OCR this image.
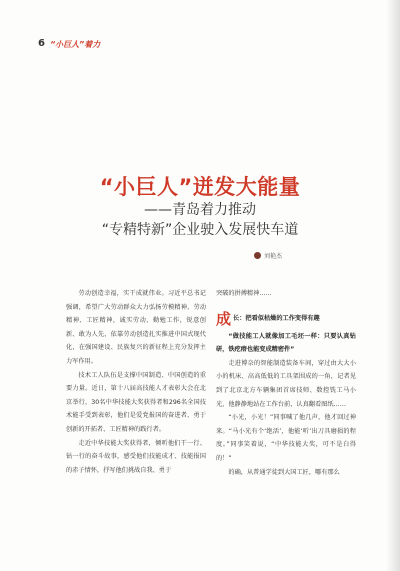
6 “小巨人”着力
“小巨人”迸发大能量
——青岛着力推动
“专精特新”企业驶入发展快车道
刘艳杰

劳动创造幸福，实干成就伟业。习近平总书记强调，希望广大劳动群众大力弘扬劳模精神、劳动精神、工匠精神，诚实劳动、勤勉工作，锐意创新、敢为人先，依靠劳动创造扎实推进中国式现代化，在强国建设、民族复兴的新征程上充分发挥主力军作用。

技术工人队伍是支撑中国制造、中国创造的重要力量。近日，第十八届高技能人才表彰大会在北京举行，30名中华技能大奖获得者和296名全国技术能手受到表彰，他们是爱党报国的奋进者、勇于创新的开拓者、工匠精神的践行者。

走近中华技能大奖获得者，倾听他们干一行、钻一行的奋斗故事，感受他们技能成才、技能报国的赤子情怀，抒写他们挑战自我、勇于

突破的拼搏精神……

成 长：把看似枯燥的工作变得有趣

“做技能工人就像加工毛坯一样：只要认真钻研，铁疙瘩也能变成精密件”

走进博奈的智能制造装备车间，穿过由大大小小的机床、高高低低的工具架围成的一角，记者见到了北京北方车辆集团首席技师、数控铣工马小光，他静静地站在工作台前，认真翻看图纸……

“小光，小光！”同事喊了他几声，他才回过神来。“马小光有个‘绝活’，他能‘听’出刀具磨损的程度。”同事笑着说，“中华技能大奖，可不是白得的！”

的确，从普通学徒到大国工匠，哪有那么
